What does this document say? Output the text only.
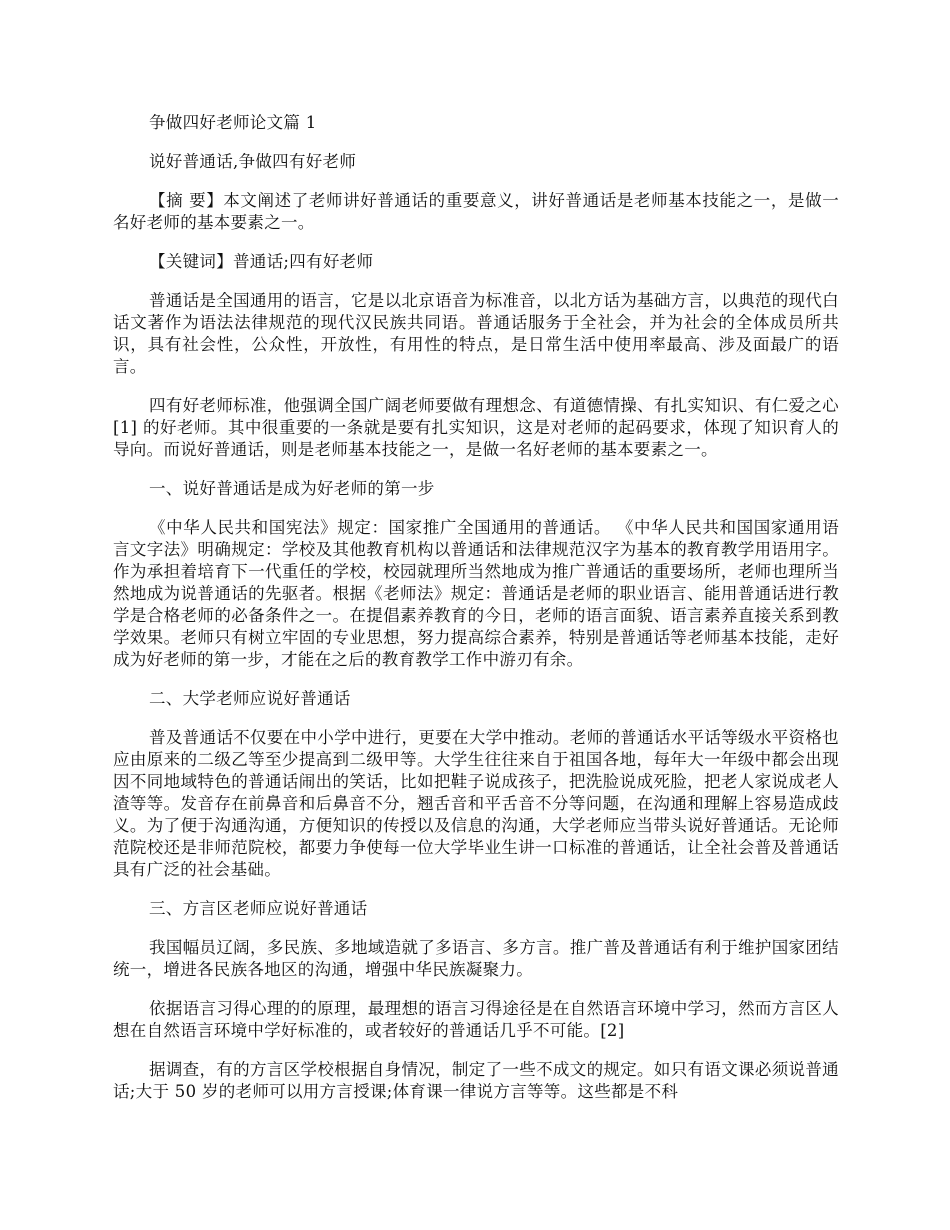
争做四好老师论文篇 1

说好普通话,争做四有好老师

【摘 要】本文阐述了老师讲好普通话的重要意义，讲好普通话是老师基本技能之一，是做一名好老师的基本要素之一。

【关键词】普通话;四有好老师

普通话是全国通用的语言，它是以北京语音为标准音，以北方话为基础方言，以典范的现代白话文著作为语法法律规范的现代汉民族共同语。普通话服务于全社会，并为社会的全体成员所共识，具有社会性，公众性，开放性，有用性的特点，是日常生活中使用率最高、涉及面最广的语言。

四有好老师标准，他强调全国广阔老师要做有理想念、有道德情操、有扎实知识、有仁爱之心 [1] 的好老师。其中很重要的一条就是要有扎实知识，这是对老师的起码要求，体现了知识育人的导向。而说好普通话，则是老师基本技能之一，是做一名好老师的基本要素之一。

一、说好普通话是成为好老师的第一步

《中华人民共和国宪法》规定：国家推广全国通用的普通话。 《中华人民共和国国家通用语言文字法》明确规定：学校及其他教育机构以普通话和法律规范汉字为基本的教育教学用语用字。作为承担着培育下一代重任的学校，校园就理所当然地成为推广普通话的重要场所，老师也理所当然地成为说普通话的先驱者。根据《老师法》规定：普通话是老师的职业语言、能用普通话进行教学是合格老师的必备条件之一。在提倡素养教育的今日，老师的语言面貌、语言素养直接关系到教学效果。老师只有树立牢固的专业思想，努力提高综合素养，特别是普通话等老师基本技能，走好成为好老师的第一步，才能在之后的教育教学工作中游刃有余。

二、大学老师应说好普通话

普及普通话不仅要在中小学中进行，更要在大学中推动。老师的普通话水平话等级水平资格也应由原来的二级乙等至少提高到二级甲等。大学生往往来自于祖国各地，每年大一年级中都会出现因不同地域特色的普通话闹出的笑话，比如把鞋子说成孩子，把洗脸说成死脸，把老人家说成老人渣等等。发音存在前鼻音和后鼻音不分，翘舌音和平舌音不分等问题，在沟通和理解上容易造成歧义。为了便于沟通沟通，方便知识的传授以及信息的沟通，大学老师应当带头说好普通话。无论师范院校还是非师范院校，都要力争使每一位大学毕业生讲一口标准的普通话，让全社会普及普通话具有广泛的社会基础。

三、方言区老师应说好普通话

我国幅员辽阔，多民族、多地域造就了多语言、多方言。推广普及普通话有利于维护国家团结统一，增进各民族各地区的沟通，增强中华民族凝聚力。

依据语言习得心理的的原理，最理想的语言习得途径是在自然语言环境中学习，然而方言区人想在自然语言环境中学好标准的，或者较好的普通话几乎不可能。[2]

据调查，有的方言区学校根据自身情况，制定了一些不成文的规定。如只有语文课必须说普通话;大于 50 岁的老师可以用方言授课;体育课一律说方言等等。这些都是不科
